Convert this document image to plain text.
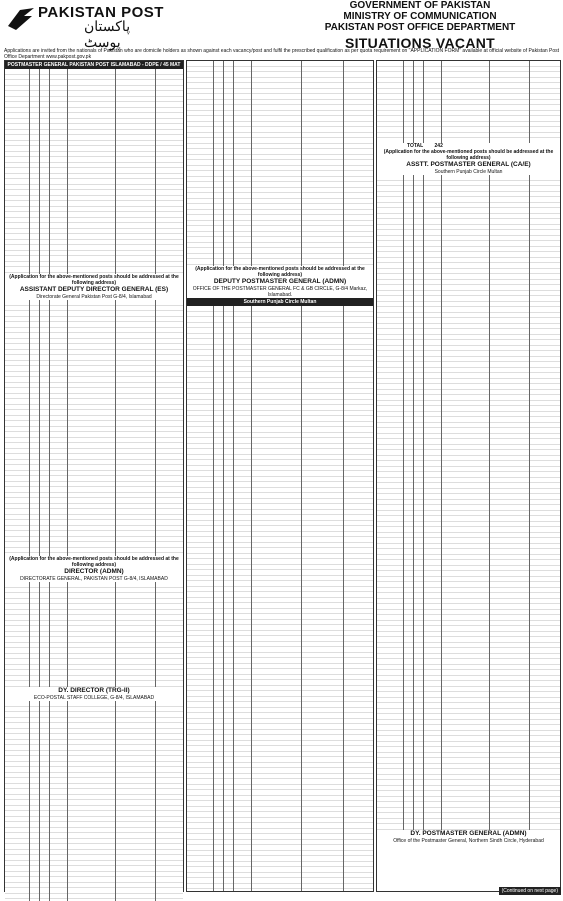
PAKISTAN POST
پاکستان پوسٹ
GOVERNMENT OF PAKISTAN
MINISTRY OF COMMUNICATION
PAKISTAN POST OFFICE DEPARTMENT
SITUATIONS VACANT
Applications are invited from the nationals of Pakistan who are domicile holders as shown against each vacancy/post and fulfil the prescribed qualification as per quota requirement on "APPLICATION FORM" available at official website of Pakistan Post Office Department www.pakpost.gov.pk
POSTMASTER GENERAL PAKISTAN POST ISLAMABAD - DDPE / 45 MAT
(Application for the above-mentioned posts should be addressed at the following address)
ASSISTANT DEPUTY DIRECTOR GENERAL (ES)
Directorate General Pakistan Post G-8/4, Islamabad
(Application for the above-mentioned posts should be addressed at the following address)
DIRECTOR (ADMN)
DIRECTORATE GENERAL, PAKISTAN POST G-8/4, ISLAMABAD
DY. DIRECTOR (TRG-II)
ECO-POSTAL STAFF COLLEGE, G-8/4, ISLAMABAD
(Application for the above-mentioned posts should be addressed at the following address)
DEPUTY POSTMASTER GENERAL (ADMN)
OFFICE OF THE POSTMASTER GENERAL FC & GB CIRCLE, G-8/4 Markaz, Islamabad.
Southern Punjab Circle Multan
TOTAL 242
(Application for the above-mentioned posts should be addressed at the following address)
ASSTT. POSTMASTER GENERAL (CA/E)
Southern Punjab Circle Multan
DY. POSTMASTER GENERAL (ADMN)
Office of the Postmaster General, Northern Sindh Circle, Hyderabad
(Continued on next page)
